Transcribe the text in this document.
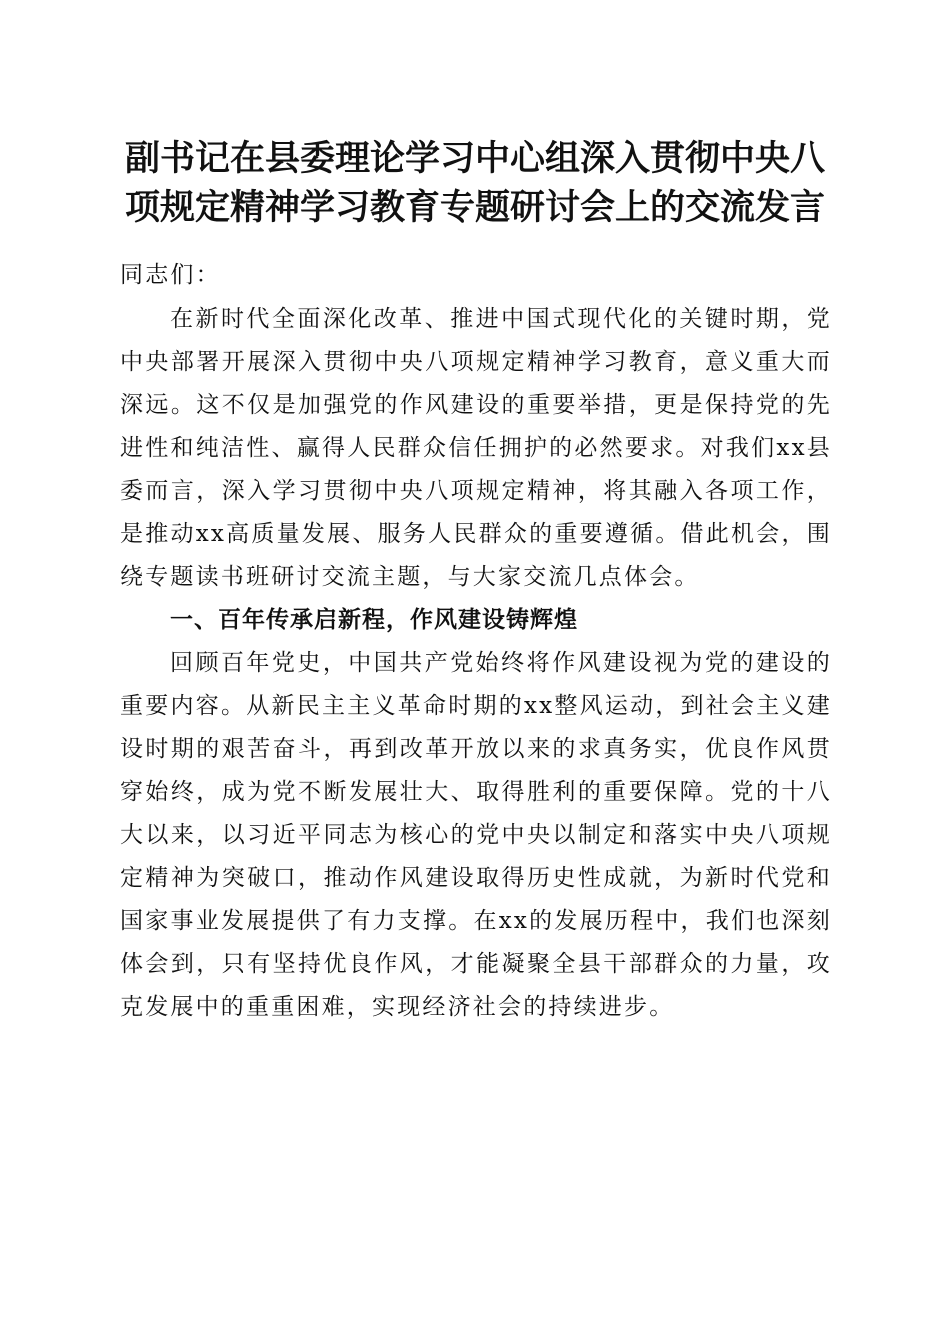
副书记在县委理论学习中心组深入贯彻中央八项规定精神学习教育专题研讨会上的交流发言

同志们：

在新时代全面深化改革、推进中国式现代化的关键时期，党中央部署开展深入贯彻中央八项规定精神学习教育，意义重大而深远。这不仅是加强党的作风建设的重要举措，更是保持党的先进性和纯洁性、赢得人民群众信任拥护的必然要求。对我们xx县委而言，深入学习贯彻中央八项规定精神，将其融入各项工作，是推动xx高质量发展、服务人民群众的重要遵循。借此机会，围绕专题读书班研讨交流主题，与大家交流几点体会。

一、百年传承启新程，作风建设铸辉煌

回顾百年党史，中国共产党始终将作风建设视为党的建设的重要内容。从新民主主义革命时期的xx整风运动，到社会主义建设时期的艰苦奋斗，再到改革开放以来的求真务实，优良作风贯穿始终，成为党不断发展壮大、取得胜利的重要保障。党的十八大以来，以习近平同志为核心的党中央以制定和落实中央八项规定精神为突破口，推动作风建设取得历史性成就，为新时代党和国家事业发展提供了有力支撑。在xx的发展历程中，我们也深刻体会到，只有坚持优良作风，才能凝聚全县干部群众的力量，攻克发展中的重重困难，实现经济社会的持续进步。
